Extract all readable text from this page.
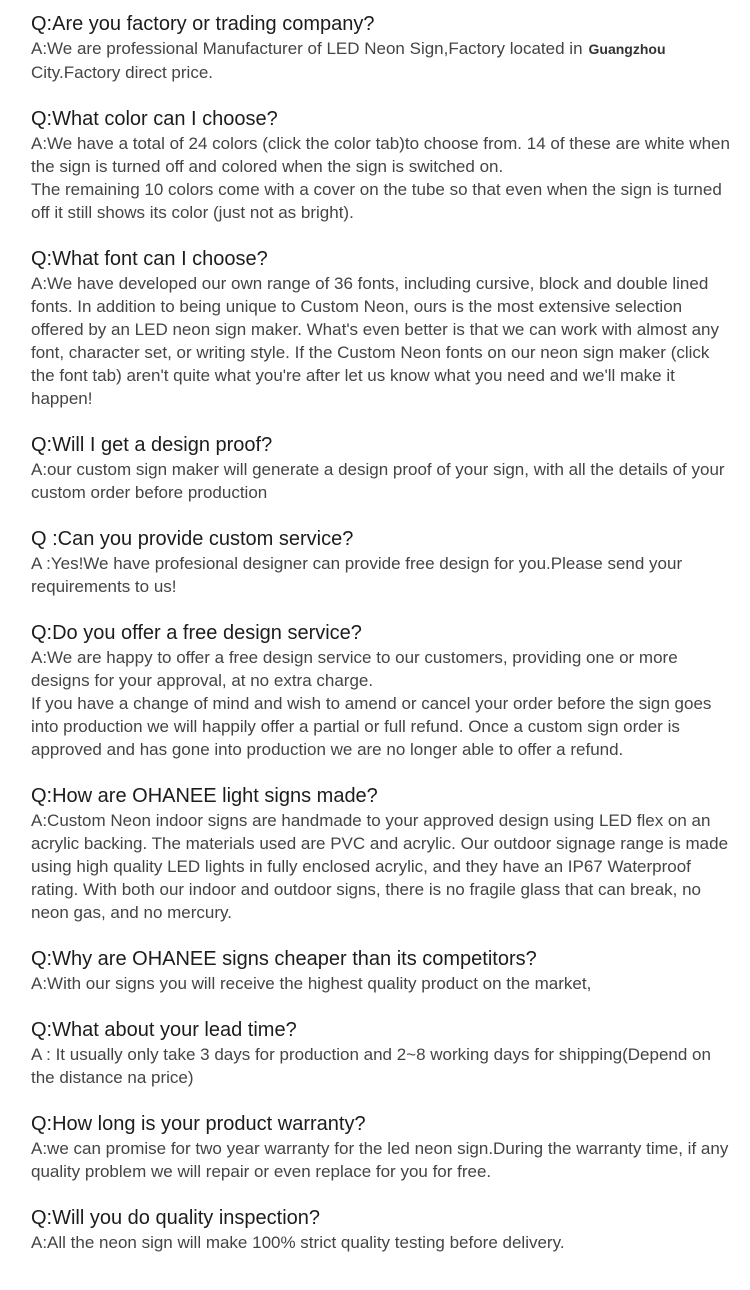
Q:Are you factory or trading company?

A:We are professional Manufacturer of LED Neon Sign,Factory located in Guangzhou

City.Factory direct price.

Q:What color can I choose?

A:We have a total of 24 colors (click the color tab)to choose from. 14 of these are white when the sign is turned off and colored when the sign is switched on.

The remaining 10 colors come with a cover on the tube so that even when the sign is turned off it still shows its color (just not as bright).

Q:What font can I choose?

A:We have developed our own range of 36 fonts, including cursive, block and double lined fonts. In addition to being unique to Custom Neon, ours is the most extensive selection offered by an LED neon sign maker. What's even better is that we can work with almost any font, character set, or writing style. If the Custom Neon fonts on our neon sign maker (click the font tab) aren't quite what you're after let us know what you need and we'll make it happen!

Q:Will I get a design proof?

A:our custom sign maker will generate a design proof of your sign, with all the details of your custom order before production

Q :Can you provide custom service?

A :Yes!We have profesional designer can provide free design for you.Please send your requirements to us!

Q:Do you offer a free design service?

A:We are happy to offer a free design service to our customers, providing one or more designs for your approval, at no extra charge.

If you have a change of mind and wish to amend or cancel your order before the sign goes into production we will happily offer a partial or full refund. Once a custom sign order is approved and has gone into production we are no longer able to offer a refund.

Q:How are OHANEE light signs made?

A:Custom Neon indoor signs are handmade to your approved design using LED flex on an acrylic backing. The materials used are PVC and acrylic. Our outdoor signage range is made using high quality LED lights in fully enclosed acrylic, and they have an IP67 Waterproof rating. With both our indoor and outdoor signs, there is no fragile glass that can break, no neon gas, and no mercury.

Q:Why are OHANEE signs cheaper than its competitors?

A:With our signs you will receive the highest quality product on the market,

Q:What about your lead time?

A : It usually only take 3 days for production and 2~8 working days for shipping(Depend on the distance na price)

Q:How long is your product warranty?

A:we can promise for two year warranty for the led neon sign.During the warranty time, if any quality problem we will repair or even replace for you for free.

Q:Will you do quality inspection?

A:All the neon sign will make 100% strict quality testing before delivery.
